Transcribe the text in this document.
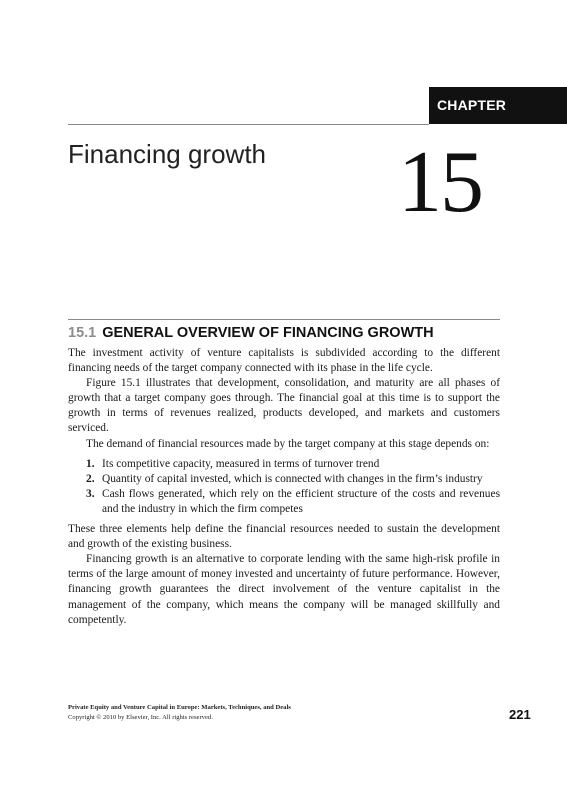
CHAPTER
Financing growth 15
15.1 GENERAL OVERVIEW OF FINANCING GROWTH

The investment activity of venture capitalists is subdivided according to the different financing needs of the target company connected with its phase in the life cycle.

Figure 15.1 illustrates that development, consolidation, and maturity are all phases of growth that a target company goes through. The financial goal at this time is to support the growth in terms of revenues realized, products developed, and markets and customers serviced.

The demand of financial resources made by the target company at this stage depends on:

1. Its competitive capacity, measured in terms of turnover trend
2. Quantity of capital invested, which is connected with changes in the firm’s industry
3. Cash flows generated, which rely on the efficient structure of the costs and revenues and the industry in which the firm competes

These three elements help define the financial resources needed to sustain the development and growth of the existing business.

Financing growth is an alternative to corporate lending with the same high-risk profile in terms of the large amount of money invested and uncertainty of future performance. However, financing growth guarantees the direct involvement of the venture capitalist in the management of the company, which means the company will be managed skillfully and competently.

Private Equity and Venture Capital in Europe: Markets, Techniques, and Deals
Copyright © 2010 by Elsevier, Inc. All rights reserved.	221
